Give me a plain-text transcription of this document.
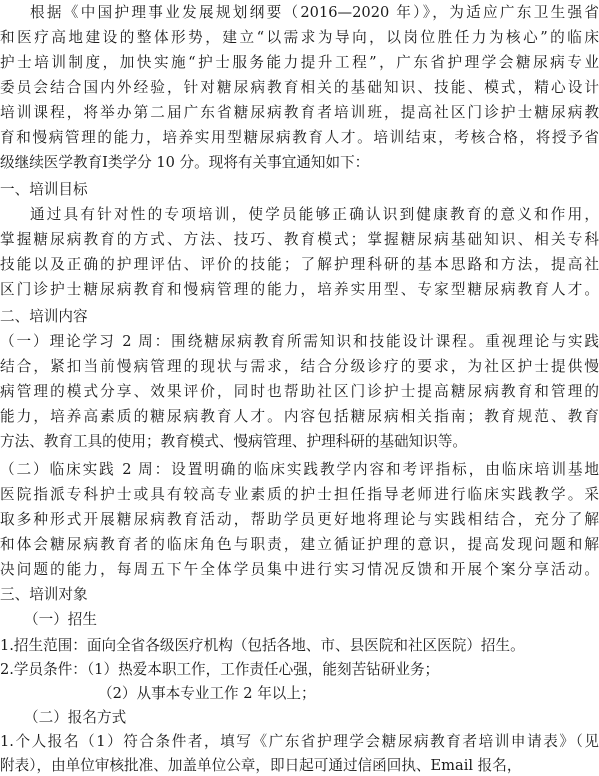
根据《中国护理事业发展规划纲要（2016—2020 年）》，为适应广东卫生强省
和医疗高地建设的整体形势，建立“以需求为导向，以岗位胜任力为核心”的临床
护士培训制度，加快实施“护士服务能力提升工程”，广东省护理学会糖尿病专业
委员会结合国内外经验，针对糖尿病教育相关的基础知识、技能、模式，精心设计
培训课程，将举办第二届广东省糖尿病教育者培训班，提高社区门诊护士糖尿病教
育和慢病管理的能力，培养实用型糖尿病教育人才。培训结束，考核合格，将授予省
级继续医学教育Ⅰ类学分 10 分。现将有关事宜通知如下：
一、培训目标
通过具有针对性的专项培训，使学员能够正确认识到健康教育的意义和作用，
掌握糖尿病教育的方式、方法、技巧、教育模式；掌握糖尿病基础知识、相关专科
技能以及正确的护理评估、评价的技能；了解护理科研的基本思路和方法，提高社
区门诊护士糖尿病教育和慢病管理的能力，培养实用型、专家型糖尿病教育人才。
二、培训内容
（一）理论学习 2 周：围绕糖尿病教育所需知识和技能设计课程。重视理论与实践
结合，紧扣当前慢病管理的现状与需求，结合分级诊疗的要求，为社区护士提供慢
病管理的模式分享、效果评价，同时也帮助社区门诊护士提高糖尿病教育和管理的
能力，培养高素质的糖尿病教育人才。内容包括糖尿病相关指南；教育规范、教育
方法、教育工具的使用；教育模式、慢病管理、护理科研的基础知识等。
（二）临床实践 2 周：设置明确的临床实践教学内容和考评指标，由临床培训基地
医院指派专科护士或具有较高专业素质的护士担任指导老师进行临床实践教学。采
取多种形式开展糖尿病教育活动，帮助学员更好地将理论与实践相结合，充分了解
和体会糖尿病教育者的临床角色与职责，建立循证护理的意识，提高发现问题和解
决问题的能力，每周五下午全体学员集中进行实习情况反馈和开展个案分享活动。
三、培训对象
（一）招生
1.招生范围：面向全省各级医疗机构（包括各地、市、县医院和社区医院）招生。
2.学员条件：（1）热爱本职工作，工作责任心强，能刻苦钻研业务；
（2）从事本专业工作 2 年以上；
（二）报名方式
1.个人报名（1）符合条件者，填写《广东省护理学会糖尿病教育者培训申请表》（见
附表），由单位审核批准、加盖单位公章，即日起可通过信函回执、Email 报名，
